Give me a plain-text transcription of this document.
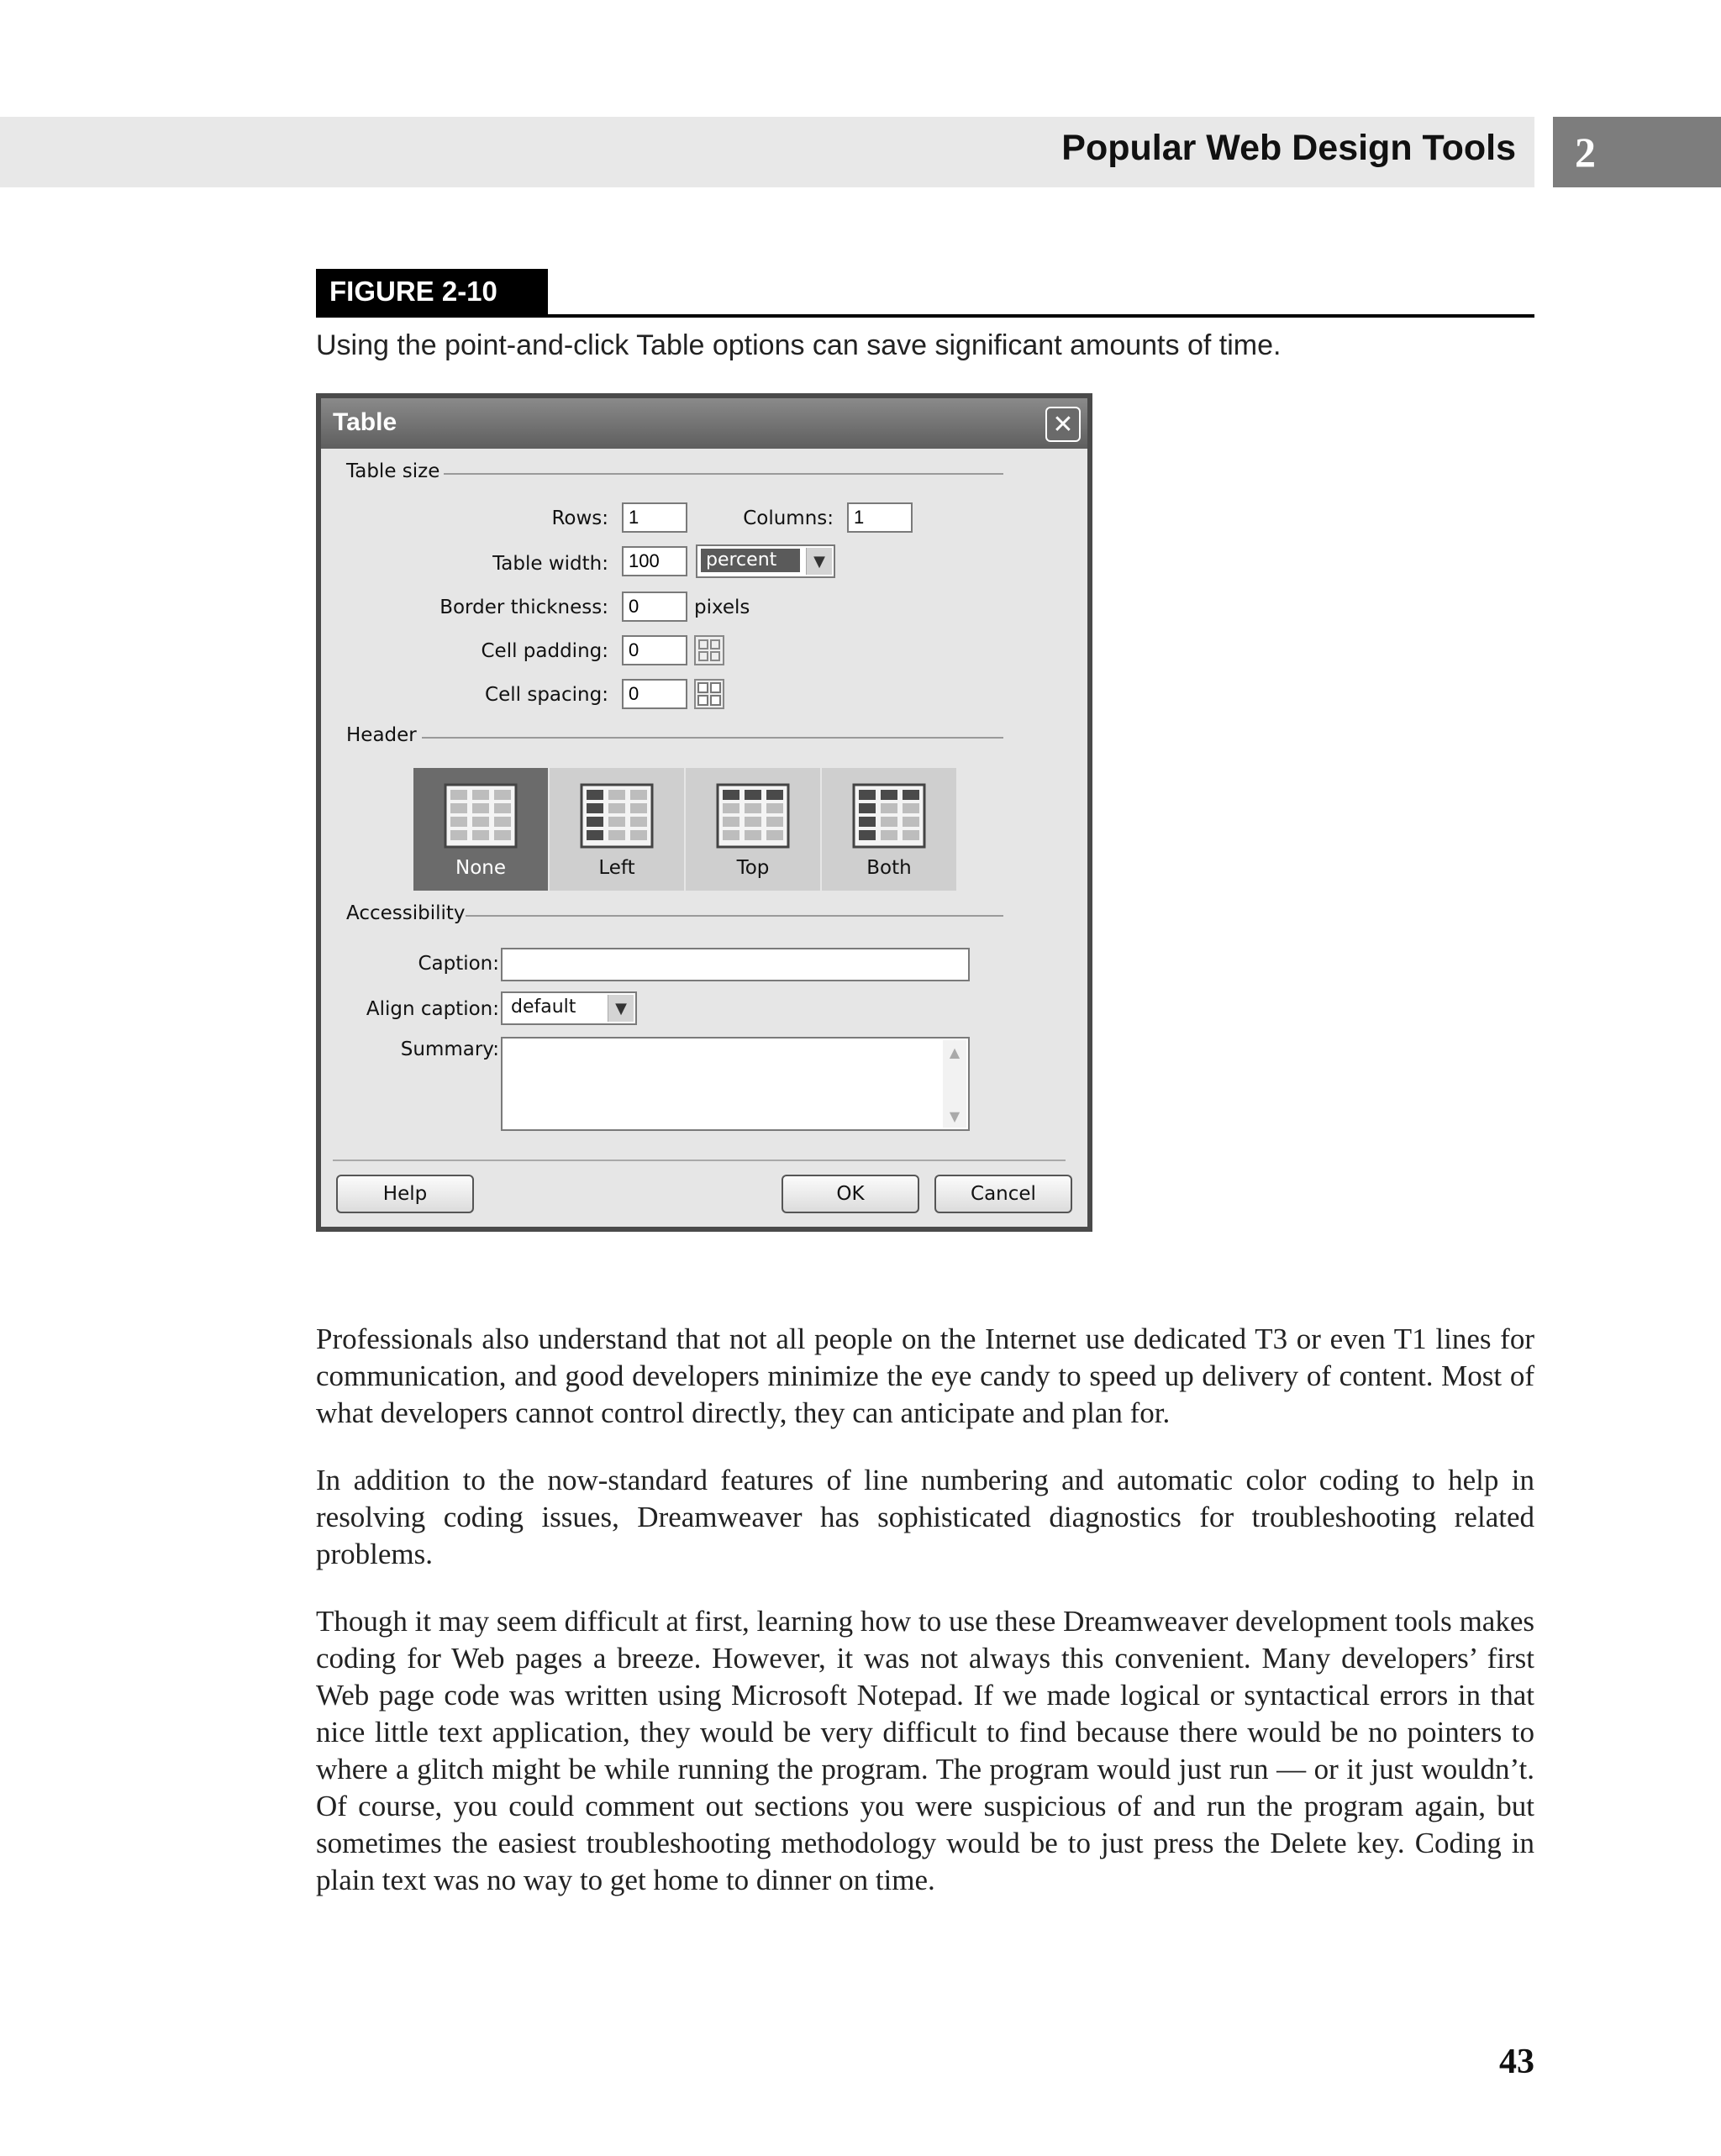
Popular Web Design Tools	2
FIGURE 2-10
Using the point-and-click Table options can save significant amounts of time.
Table	✕
Table size
Rows:
1	Columns:
1
Table width:
100	percent	▼
Border thickness:
0	pixels
Cell padding:
0
Cell spacing:
0
Header
None	Left	Top	Both
Accessibility
Caption:
Align caption: default	▼
Summary:	▲
▼
Help	OK	Cancel
Professionals also understand that not all people on the Internet use dedicated T3 or even T1 lines for communication, and good developers minimize the eye candy to speed up delivery of content. Most of what developers cannot control directly, they can anticipate and plan for.
In addition to the now-standard features of line numbering and automatic color coding to help in resolving coding issues, Dreamweaver has sophisticated diagnostics for troubleshooting related problems.
Though it may seem difficult at first, learning how to use these Dreamweaver development tools makes coding for Web pages a breeze. However, it was not always this convenient. Many developers’ first Web page code was written using Microsoft Notepad. If we made logical or syntactical errors in that nice little text application, they would be very difficult to find because there would be no pointers to where a glitch might be while running the program. The program would just run — or it just wouldn’t. Of course, you could comment out sections you were suspicious of and run the program again, but sometimes the easiest troubleshooting methodology would be to just press the Delete key. Coding in plain text was no way to get home to dinner on time.
43
